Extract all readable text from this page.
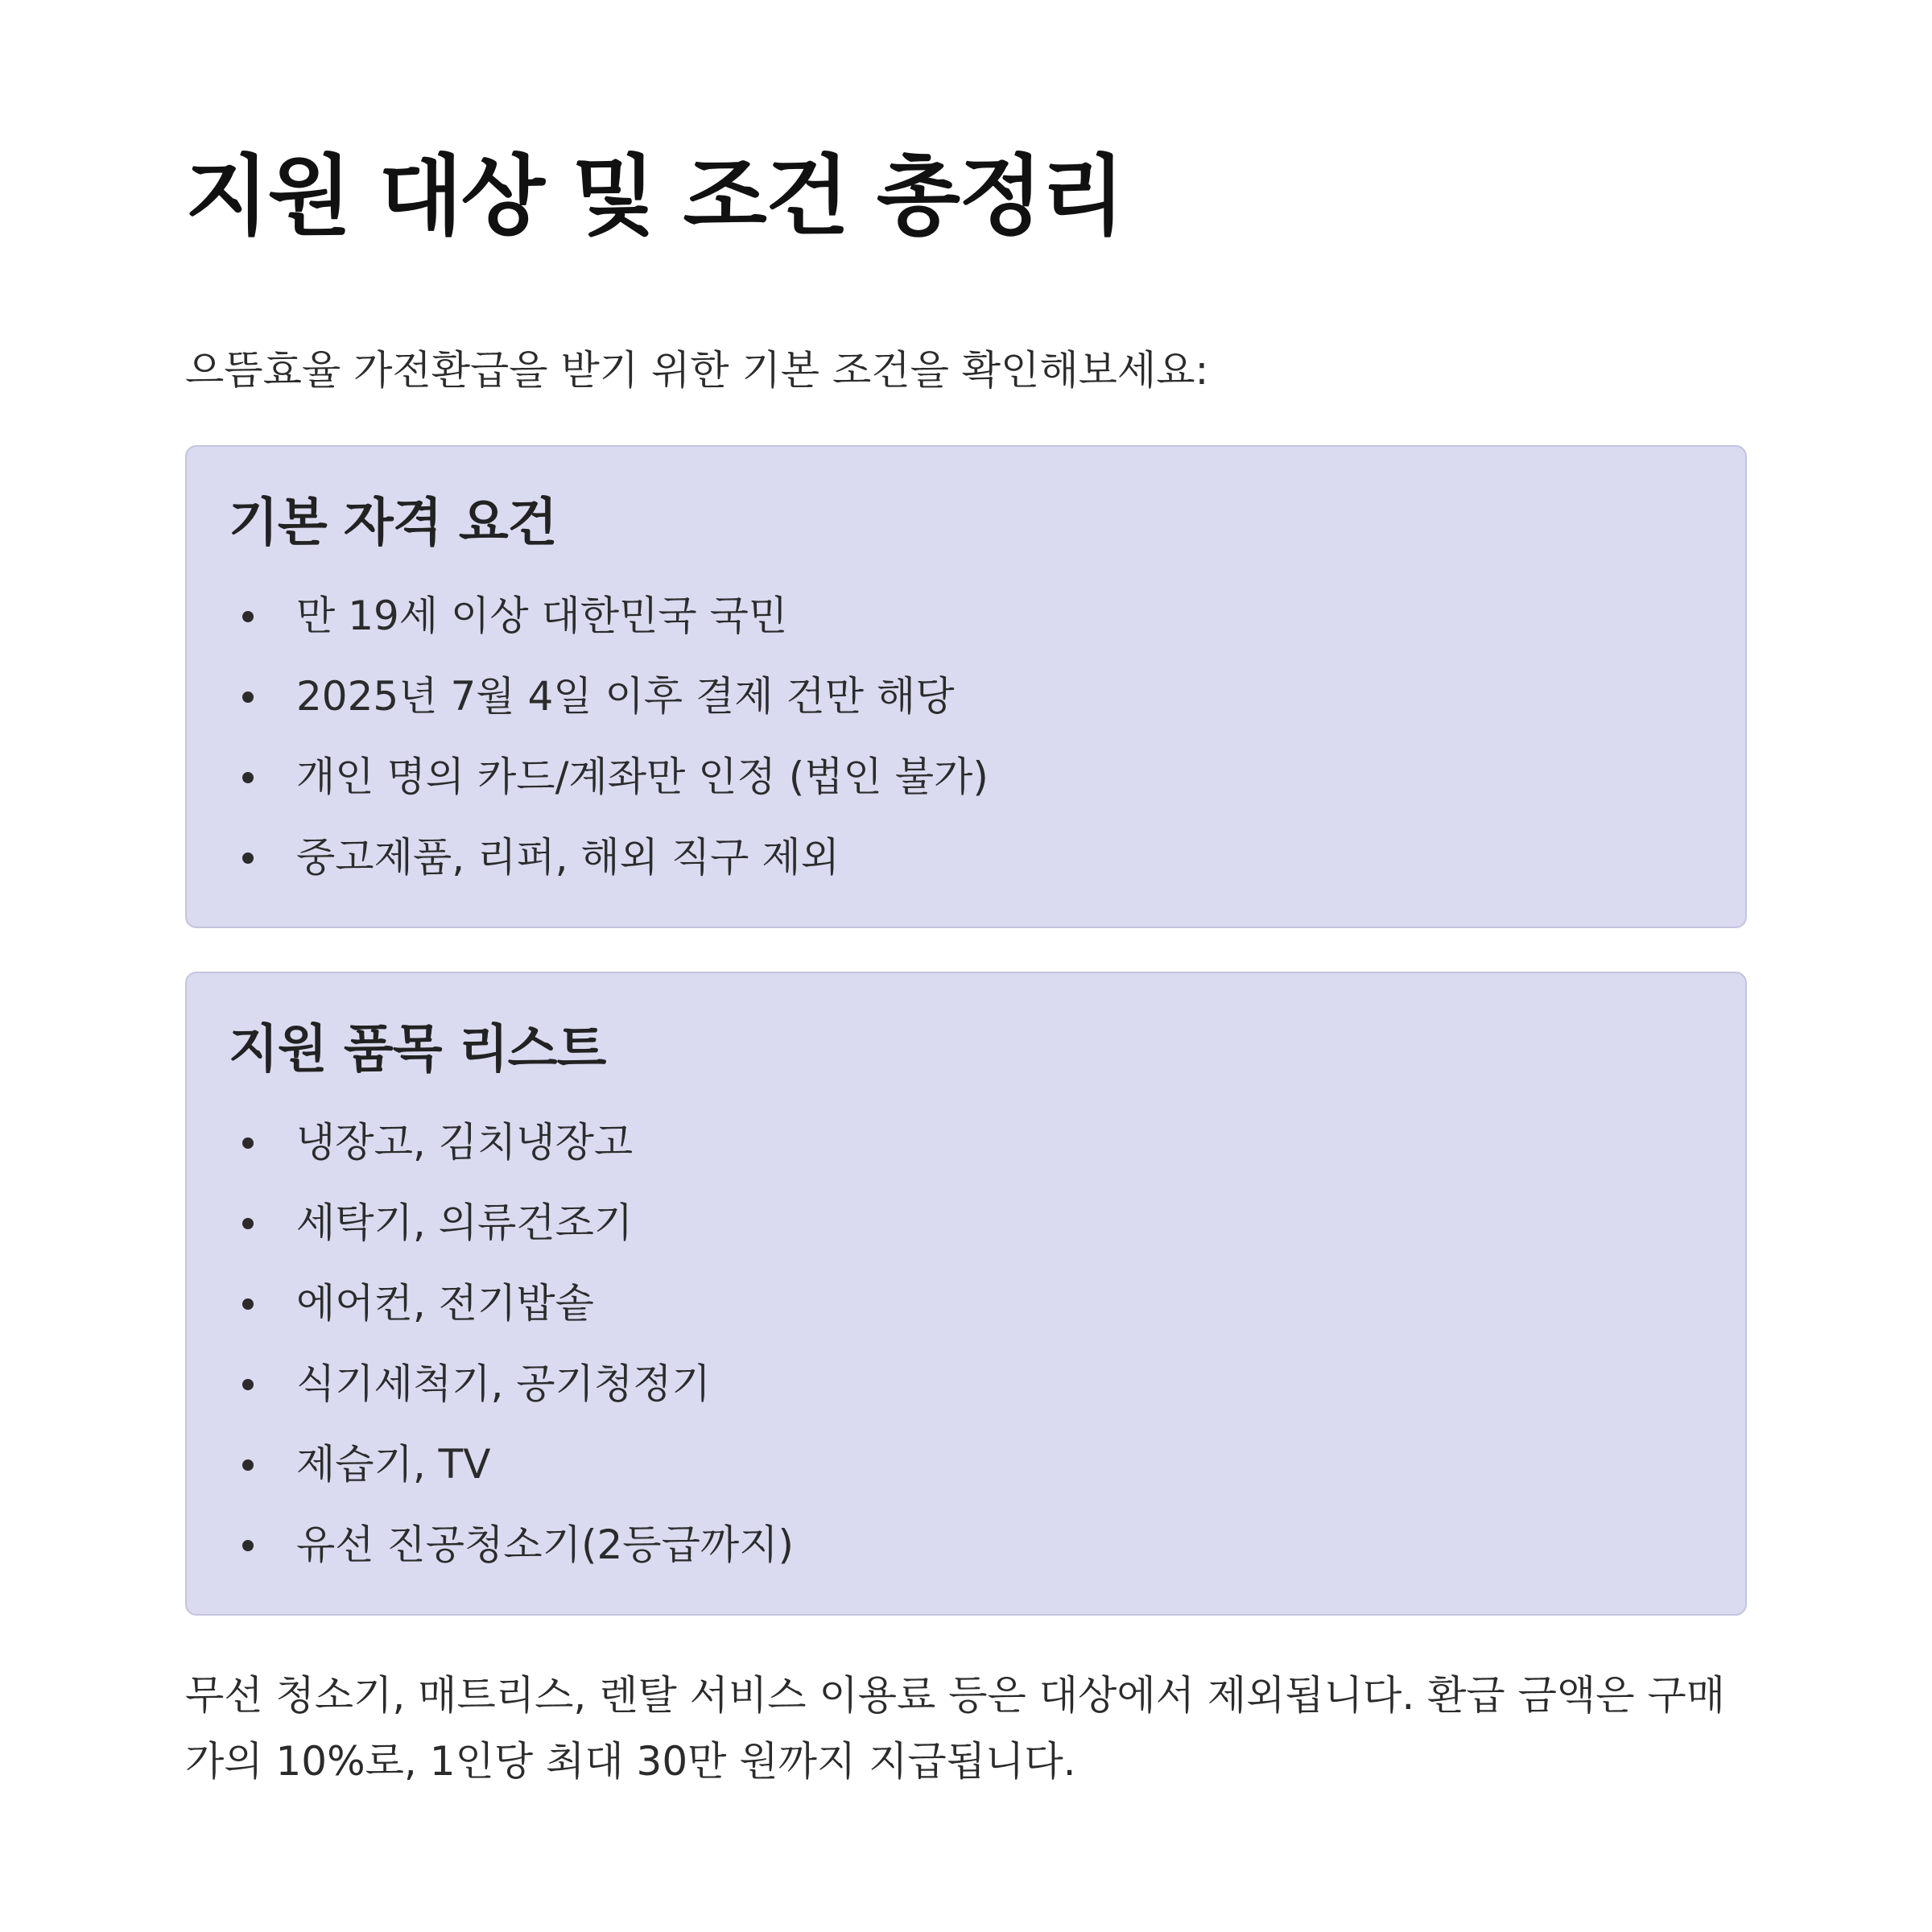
지원 대상 및 조건 총정리

으뜸효율 가전환급을 받기 위한 기본 조건을 확인해보세요:

기본 자격 요건
만 19세 이상 대한민국 국민
2025년 7월 4일 이후 결제 건만 해당
개인 명의 카드/계좌만 인정 (법인 불가)
중고제품, 리퍼, 해외 직구 제외
지원 품목 리스트
냉장고, 김치냉장고
세탁기, 의류건조기
에어컨, 전기밥솥
식기세척기, 공기청정기
제습기, TV
유선 진공청소기(2등급까지)

무선 청소기, 매트리스, 렌탈 서비스 이용료 등은 대상에서 제외됩니다. 환급 금액은 구매가의 10%로, 1인당 최대 30만 원까지 지급됩니다.
